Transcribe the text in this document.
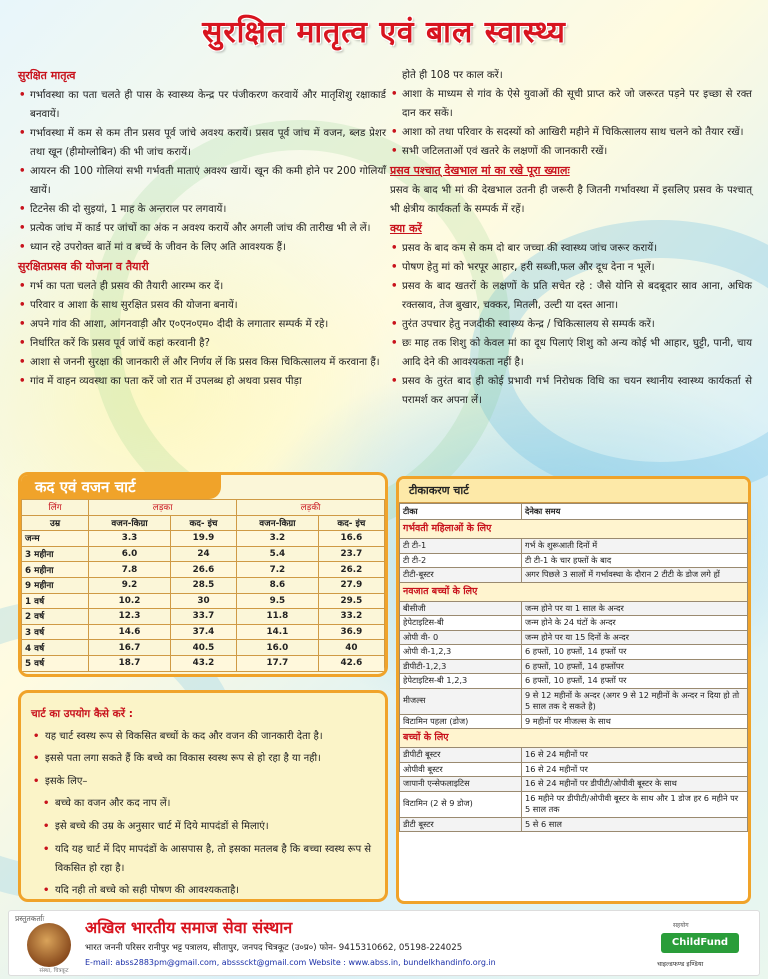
सुरक्षित मातृत्व एवं बाल स्वास्थ्य
सुरक्षित मातृत्व
• गर्भावस्था का पता चलते ही पास के स्वास्थ्य केन्द्र पर पंजीकरण करवायें और मातृशिशु रक्षाकार्ड बनवायें।
• गर्भावस्था में कम से कम तीन प्रसव पूर्व जांचे अवश्य करायें। प्रसव पूर्व जांच में वजन, ब्लड प्रेशर तथा खून (हीमोग्लोबिन) की भी जांच करायें।
• आयरन की 100 गोलियां सभी गर्भवती माताएं अवश्य खायें। खून की कमी होने पर 200 गोलियाँ खायें।
• टिटनेस की दो सुइयां, 1 माह के अन्तराल पर लगवायें।
• प्रत्येक जांच में कार्ड पर जांचों का अंक न अवश्य करायें और अगली जांच की तारीख भी ले लें।
• ध्यान रहे उपरोक्त बातें मां व बच्चें के जीवन के लिए अति आवश्यक हैं।
सुरक्षितप्रसव की योजना व तैयारी
• गर्भ का पता चलते ही प्रसव की तैयारी आरम्भ कर दें।
• परिवार व आशा के साथ सुरक्षित प्रसव की योजना बनायें।
• अपने गांव की आशा, आंगनवाड़ी और ए०एन०एम० दीदी के लगातार सम्पर्क में रहे।
• निर्धारित करें कि प्रसव पूर्व जांचें कहां करवानी है?
• आशा से जननी सुरक्षा की जानकारी लें और निर्णय लें कि प्रसव किस चिकित्सालय में करवाना हैं।
• गांव में वाहन व्यवस्था का पता करें जो रात में उपलब्ध हो अथवा प्रसव पीड़ा
होते ही 108 पर काल करें।
• आशा के माध्यम से गांव के ऐसे युवाओं की सूची प्राप्त करे जो जरूरत पड़ने पर इच्छा से रक्त दान कर सकें।
• आशा को तथा परिवार के सदस्यों को आखिरी महीने में चिकित्सालय साथ चलने को तैयार रखें।
• सभी जटिलताओं एवं खतरे के लक्षणों की जानकारी रखें।
प्रसव पश्चात् देखभाल मां का रखे पूरा ख्यालः
प्रसव के बाद भी मां की देखभाल उतनी ही जरूरी है जितनी गर्भावस्था में इसलिए प्रसव के पश्चात् भी क्षेत्रीय कार्यकर्ता के सम्पर्क में रहें।
क्या करें
• प्रसव के बाद कम से कम दो बार जच्चा की स्वास्थ्य जांच जरूर करायें।
• पोषण हेतु मां को भरपूर आहार, हरी सब्जी,फल और दूध देना न भूलें।
• प्रसव के बाद खतरों के लक्षणों के प्रति सचेत रहे : जैसे योनि से बदबूदार स्राव आना, अधिक रक्तस्राव, तेज बुखार, चक्कर, मितली, उल्टी या दस्त आना।
• तुरंत उपचार हेतु नजदीकी स्वास्थ्य केन्द्र / चिकित्सालय से सम्पर्क करें।
• छः माह तक शिशु को केवल मां का दूध पिलाएं शिशु को अन्य कोई भी आहार, घुट्टी, पानी, चाय आदि देने की आवश्यकता नहीं है।
• प्रसव के तुरंत बाद ही कोई प्रभावी गर्भ निरोधक विधि का चयन स्थानीय स्वास्थ्य कार्यकर्ता से परामर्श कर अपना लें।
कद एवं वजन चार्ट
लिंग	लड़का		लड़की	
उम्र	वजन-किग्रा	कद- इंच	वजन-किग्रा	कद- इंच
जन्म	3.3	19.9	3.2	16.6
3 महीना	6.0	24	5.4	23.7
6 महीना	7.8	26.6	7.2	26.2
9 महीना	9.2	28.5	8.6	27.9
1 वर्ष	10.2	30	9.5	29.5
2 वर्ष	12.3	33.7	11.8	33.2
3 वर्ष	14.6	37.4	14.1	36.9
4 वर्ष	16.7	40.5	16.0	40
5 वर्ष	18.7	43.2	17.7	42.6
चार्ट का उपयोग कैसे करें :
• यह चार्ट स्वस्थ रूप से विकसित बच्चों के कद और वजन की जानकारी देता है।
• इससे पता लगा सकते हैं कि बच्चे का विकास स्वस्थ रूप से हो रहा है या नही।
• इसके लिए–
• बच्चे का वजन और कद नाप लें।
• इसे बच्चे की उम्र के अनुसार चार्ट में दिये मापदंडों से मिलाएं।
• यदि यह चार्ट में दिए मापदंडों के आसपास है, तो इसका मतलब है कि बच्चा स्वस्थ रूप से विकसित हो रहा है।
• यदि नही तो बच्चे को सही पोषण की आवश्यकताहै।
टीकाकरण चार्ट
टीका	देनेका समय
गर्भवती महिलाओं के लिए	
टी टी-1	गर्भ के शुरूआती दिनों में
टी टी-2	टी टी-1 के चार हफ्तों के बाद
टीटी-बूस्टर	अगर पिछले 3 सालों में गर्भावस्था के दौरान 2 टीटी के डोज लगे हों
नवजात बच्चों के लिए	
बीसीजी	जन्म होने पर या 1 साल के अन्दर
हेपेटाइटिस-बी	जन्म होने के 24 घंटों के अन्दर
ओपी वी- 0	जन्म होने पर या 15 दिनों के अन्दर
ओपी वी-1,2,3	6 हफ्तों, 10 हफ्तों, 14 हफ्तों पर
डीपीटी-1,2,3	6 हफ्तों, 10 हफ्तों, 14 हफ्तोंपर
हेपेटाइटिस-बी 1,2,3	6 हफ्तों, 10 हफ्तों, 14 हफ्तों पर
मीजल्स	9 से 12 महीनों के अन्दर (अगर 9 से 12 महीनों के अन्दर न दिया हो तो 5 साल तक दे सकते है)
विटामिन पहला (डोज)	9 महीनों पर मीजल्स के साथ
बच्चों के लिए	
डीपीटी बूस्टर	16 से 24 महीनों पर
ओपीवी बूस्टर	16 से 24 महीनों पर
जापानी एन्सेफलाइटिस	16 से 24 महीनों पर डीपीटी/ओपीवी बूस्टर के साथ
विटामिन (2 से 9 डोज)	16 महीने पर डीपीटी/ओपीवी बूस्टर के साथ और 1 डोज हर 6 महीने पर 5 साल तक
डीटी बूस्टर	5 से 6 साल
प्रस्तुतकर्ताः
संस्था, चित्रकूट
अखिल भारतीय समाज सेवा संस्थान
भारत जननी परिसर रानीपुर भट्ट पत्रालय, सीतापुर, जनपद चित्रकूट (उ०प्र०) फोन- 9415310662, 05198-224025
E-mail: abss2883pm@gmail.com, absssckt@gmail.com Website : www.abss.in, bundelkhandinfo.org.in
सहयोग
ChildFund
चाइल्डफण्ड इण्डिया
